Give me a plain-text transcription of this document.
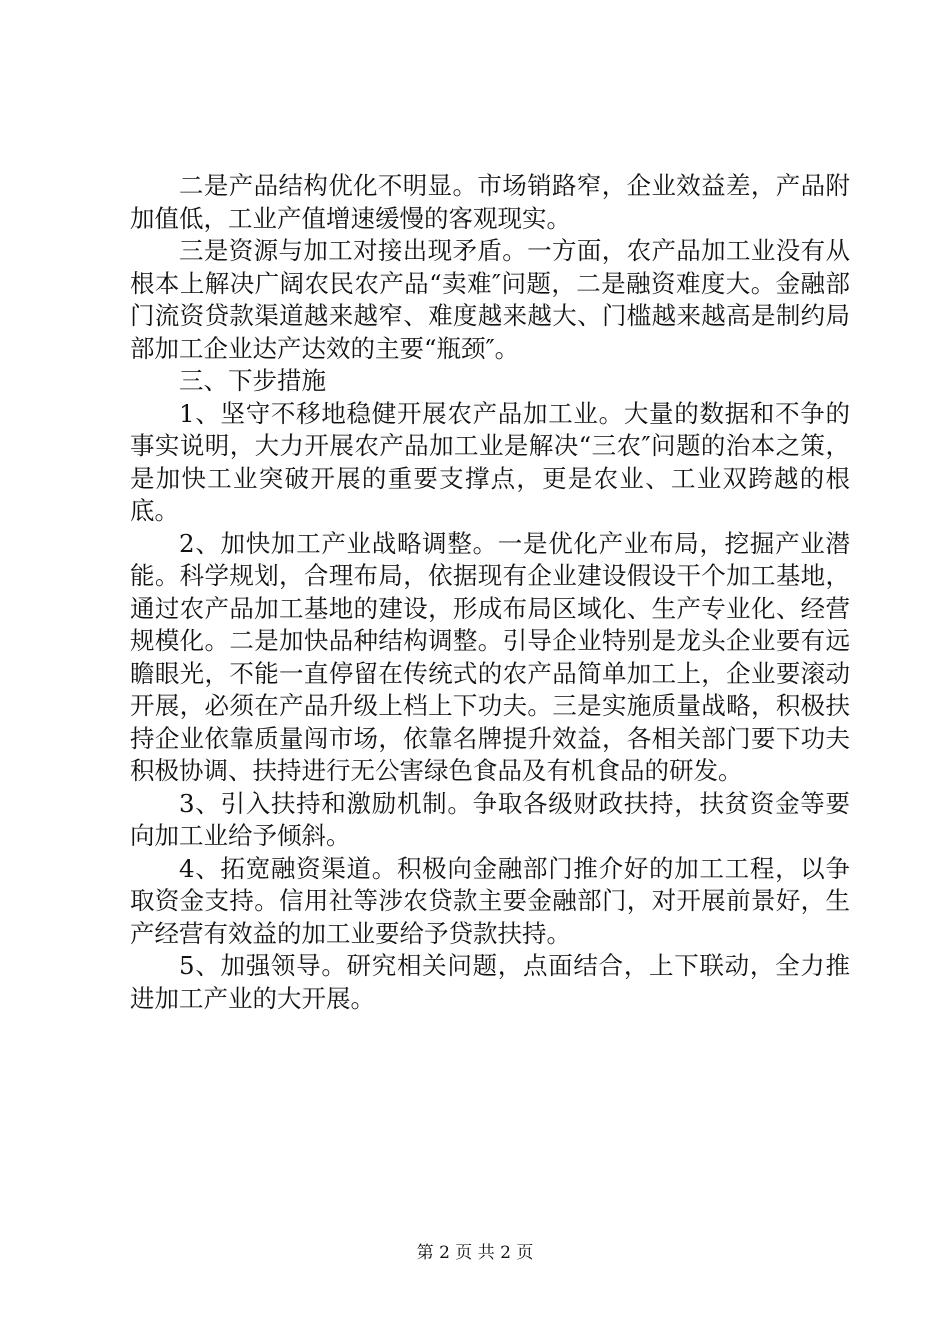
二是产品结构优化不明显。市场销路窄，企业效益差，产品附加值低，工业产值增速缓慢的客观现实。

三是资源与加工对接出现矛盾。一方面，农产品加工业没有从根本上解决广阔农民农产品“卖难″问题，二是融资难度大。金融部门流资贷款渠道越来越窄、难度越来越大、门槛越来越高是制约局部加工企业达产达效的主要“瓶颈″。

三、下步措施

1、坚守不移地稳健开展农产品加工业。大量的数据和不争的事实说明，大力开展农产品加工业是解决“三农″问题的治本之策，是加快工业突破开展的重要支撑点，更是农业、工业双跨越的根底。

2、加快加工产业战略调整。一是优化产业布局，挖掘产业潜能。科学规划，合理布局，依据现有企业建设假设干个加工基地，通过农产品加工基地的建设，形成布局区域化、生产专业化、经营规模化。二是加快品种结构调整。引导企业特别是龙头企业要有远瞻眼光，不能一直停留在传统式的农产品简单加工上，企业要滚动开展，必须在产品升级上档上下功夫。三是实施质量战略，积极扶持企业依靠质量闯市场，依靠名牌提升效益，各相关部门要下功夫积极协调、扶持进行无公害绿色食品及有机食品的研发。

3、引入扶持和激励机制。争取各级财政扶持，扶贫资金等要向加工业给予倾斜。

4、拓宽融资渠道。积极向金融部门推介好的加工工程，以争取资金支持。信用社等涉农贷款主要金融部门，对开展前景好，生产经营有效益的加工业要给予贷款扶持。

5、加强领导。研究相关问题，点面结合，上下联动，全力推进加工产业的大开展。

第 2 页 共 2 页
